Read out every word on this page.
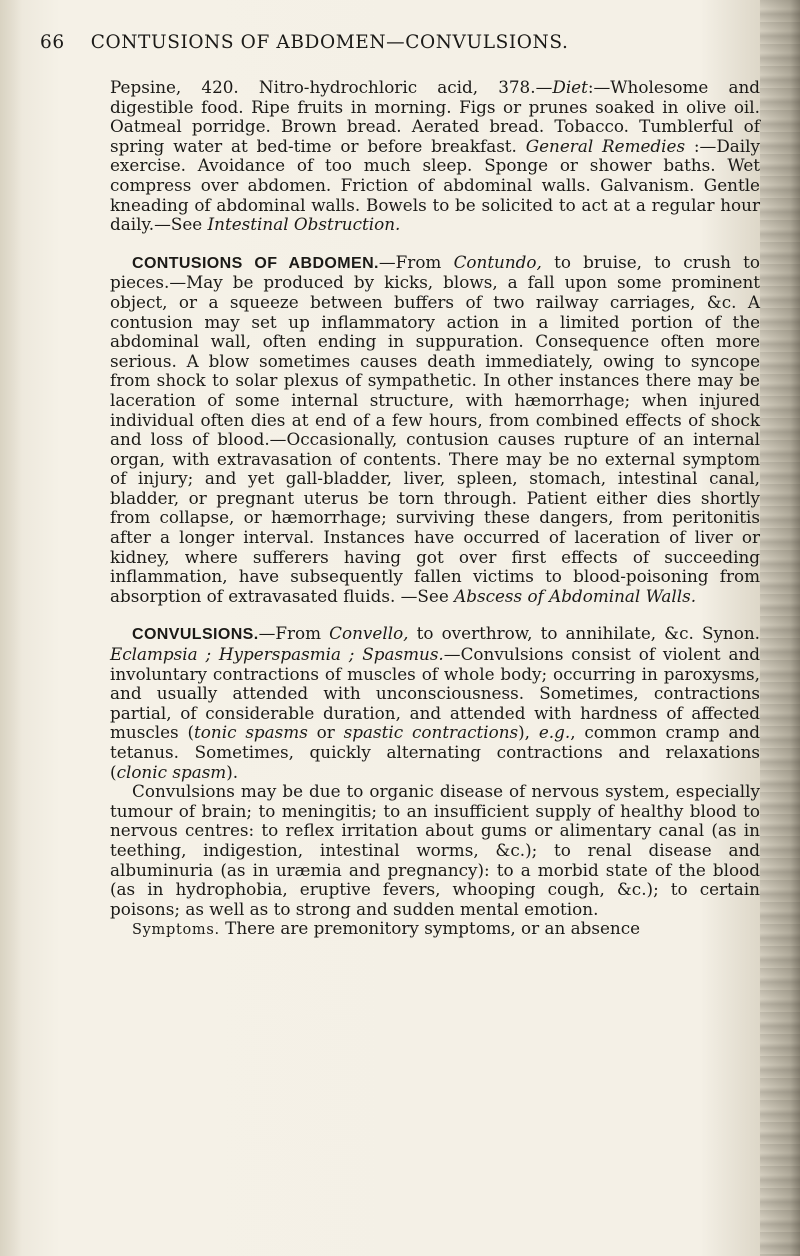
66 CONTUSIONS OF ABDOMEN—CONVULSIONS.

Pepsine, 420. Nitro-hydrochloric acid, 378.—Diet:—Wholesome and digestible food. Ripe fruits in morning. Figs or prunes soaked in olive oil. Oatmeal porridge. Brown bread. Aerated bread. Tobacco. Tumblerful of spring water at bed-time or before breakfast. General Remedies :—Daily exercise. Avoidance of too much sleep. Sponge or shower baths. Wet compress over abdomen. Friction of abdominal walls. Galvanism. Gentle kneading of abdominal walls. Bowels to be solicited to act at a regular hour daily.—See Intestinal Obstruction.

CONTUSIONS OF ABDOMEN.—From Contundo, to bruise, to crush to pieces.—May be produced by kicks, blows, a fall upon some prominent object, or a squeeze between buffers of two railway carriages, &c. A contusion may set up inflammatory action in a limited portion of the abdominal wall, often ending in suppuration. Consequence often more serious. A blow sometimes causes death immediately, owing to syncope from shock to solar plexus of sympathetic. In other instances there may be laceration of some internal structure, with hæmorrhage; when injured individual often dies at end of a few hours, from combined effects of shock and loss of blood.—Occasionally, contusion causes rupture of an internal organ, with extravasation of contents. There may be no external symptom of injury; and yet gall-bladder, liver, spleen, stomach, intestinal canal, bladder, or pregnant uterus be torn through. Patient either dies shortly from collapse, or hæmorrhage; surviving these dangers, from peritonitis after a longer interval. Instances have occurred of laceration of liver or kidney, where sufferers having got over first effects of succeeding inflammation, have subsequently fallen victims to blood-poisoning from absorption of extravasated fluids. —See Abscess of Abdominal Walls.

CONVULSIONS.—From Convello, to overthrow, to annihilate, &c. Synon. Eclampsia ; Hyperspasmia ; Spasmus.—Convulsions consist of violent and involuntary contractions of muscles of whole body; occurring in paroxysms, and usually attended with unconsciousness. Sometimes, contractions partial, of considerable duration, and attended with hardness of affected muscles (tonic spasms or spastic contractions), e.g., common cramp and tetanus. Sometimes, quickly alternating contractions and relaxations (clonic spasm).

Convulsions may be due to organic disease of nervous system, especially tumour of brain; to meningitis; to an insufficient supply of healthy blood to nervous centres: to reflex irritation about gums or alimentary canal (as in teething, indigestion, intestinal worms, &c.); to renal disease and albuminuria (as in uræmia and pregnancy): to a morbid state of the blood (as in hydrophobia, eruptive fevers, whooping cough, &c.); to certain poisons; as well as to strong and sudden mental emotion.

Symptoms. There are premonitory symptoms, or an absence
